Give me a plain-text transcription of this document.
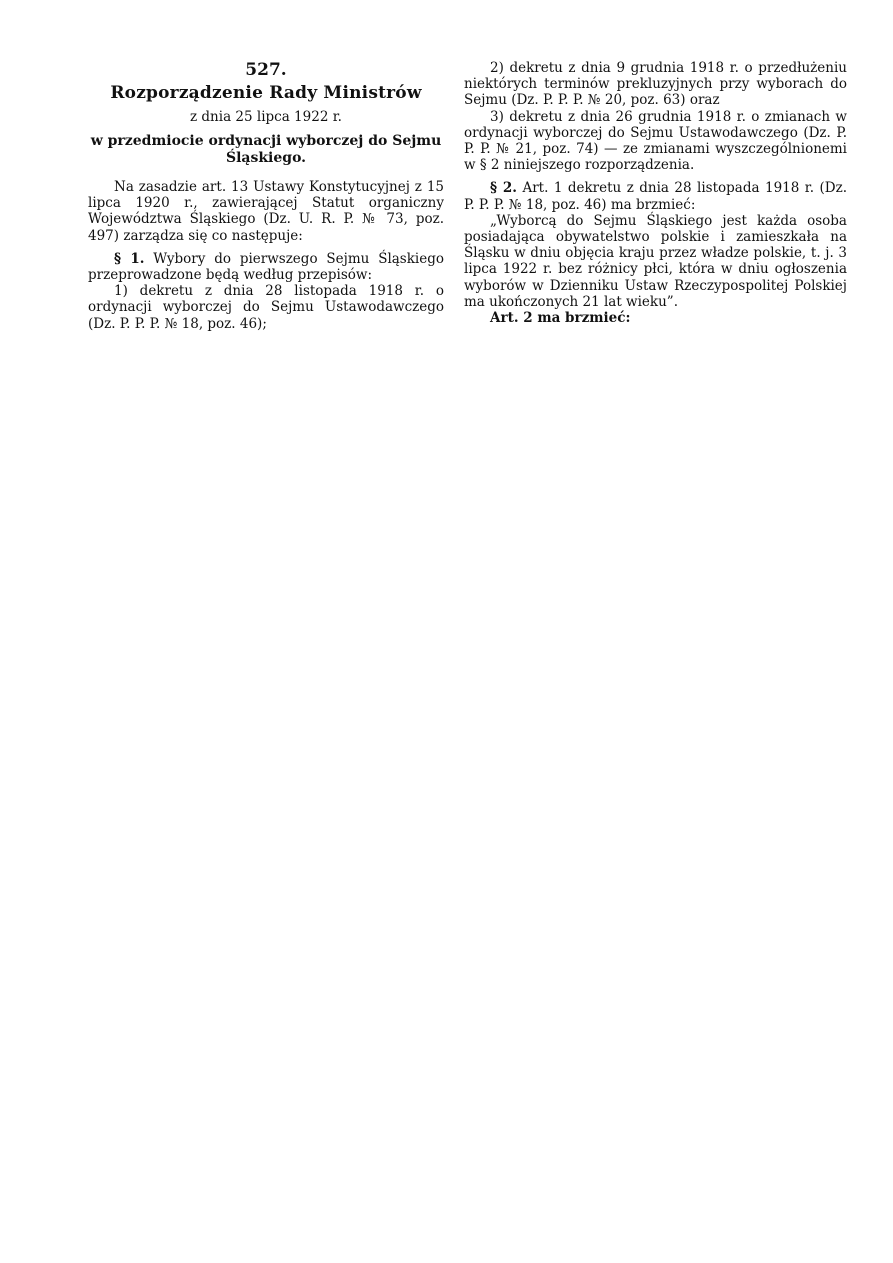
527.
Rozporządzenie Rady Ministrów
z dnia 25 lipca 1922 r.
w przedmiocie ordynacji wyborczej do Sejmu Śląskiego.

Na zasadzie art. 13 Ustawy Konstytucyjnej z 15 lipca 1920 r., zawierającej Statut organiczny Województwa Śląskiego (Dz. U. R. P. № 73, poz. 497) zarządza się co następuje:

§ 1. Wybory do pierwszego Sejmu Śląskiego przeprowadzone będą według przepisów:

1) dekretu z dnia 28 listopada 1918 r. o ordynacji wyborczej do Sejmu Ustawodawczego (Dz. P. P. P. № 18, poz. 46);

2) dekretu z dnia 9 grudnia 1918 r. o przedłużeniu niektórych terminów prekluzyjnych przy wyborach do Sejmu (Dz. P. P. P. № 20, poz. 63) oraz

3) dekretu z dnia 26 grudnia 1918 r. o zmianach w ordynacji wyborczej do Sejmu Ustawodawczego (Dz. P. P. P. № 21, poz. 74) — ze zmianami wyszczególnionemi w § 2 niniejszego rozporządzenia.

§ 2. Art. 1 dekretu z dnia 28 listopada 1918 r. (Dz. P. P. P. № 18, poz. 46) ma brzmieć:

„Wyborcą do Sejmu Śląskiego jest każda osoba posiadająca obywatelstwo polskie i zamieszkała na Śląsku w dniu objęcia kraju przez władze polskie, t. j. 3 lipca 1922 r. bez różnicy płci, która w dniu ogłoszenia wyborów w Dzienniku Ustaw Rzeczypospolitej Polskiej ma ukończonych 21 lat wieku”.

Art. 2 ma brzmieć:
